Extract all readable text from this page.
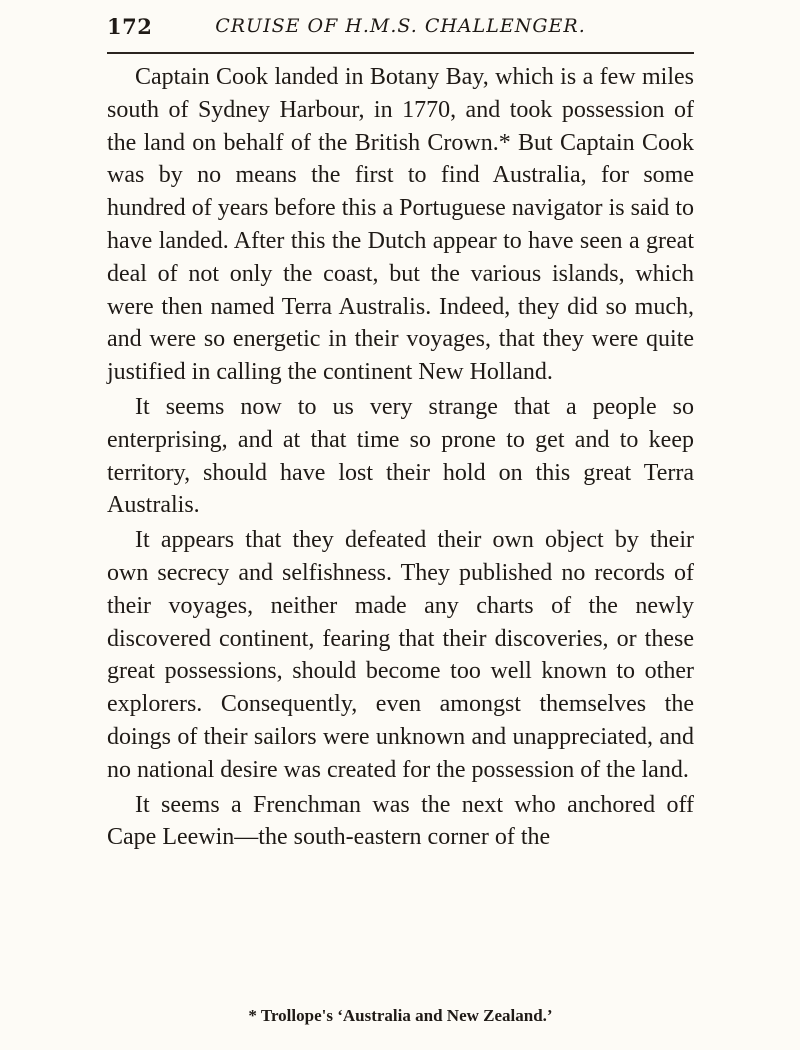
172	CRUISE OF H.M.S. CHALLENGER.

Captain Cook landed in Botany Bay, which is a few miles south of Sydney Harbour, in 1770, and took possession of the land on behalf of the British Crown.* But Captain Cook was by no means the first to find Australia, for some hundred of years before this a Portuguese navigator is said to have landed. After this the Dutch appear to have seen a great deal of not only the coast, but the various islands, which were then named Terra Australis. Indeed, they did so much, and were so energetic in their voyages, that they were quite justified in calling the continent New Holland.

It seems now to us very strange that a people so enterprising, and at that time so prone to get and to keep territory, should have lost their hold on this great Terra Australis.

It appears that they defeated their own object by their own secrecy and selfishness. They published no records of their voyages, neither made any charts of the newly discovered continent, fearing that their discoveries, or these great possessions, should become too well known to other explorers. Consequently, even amongst themselves the doings of their sailors were unknown and unappreciated, and no national desire was created for the possession of the land.

It seems a Frenchman was the next who anchored off Cape Leewin—the south-eastern corner of the

* Trollope's ‘Australia and New Zealand.’
